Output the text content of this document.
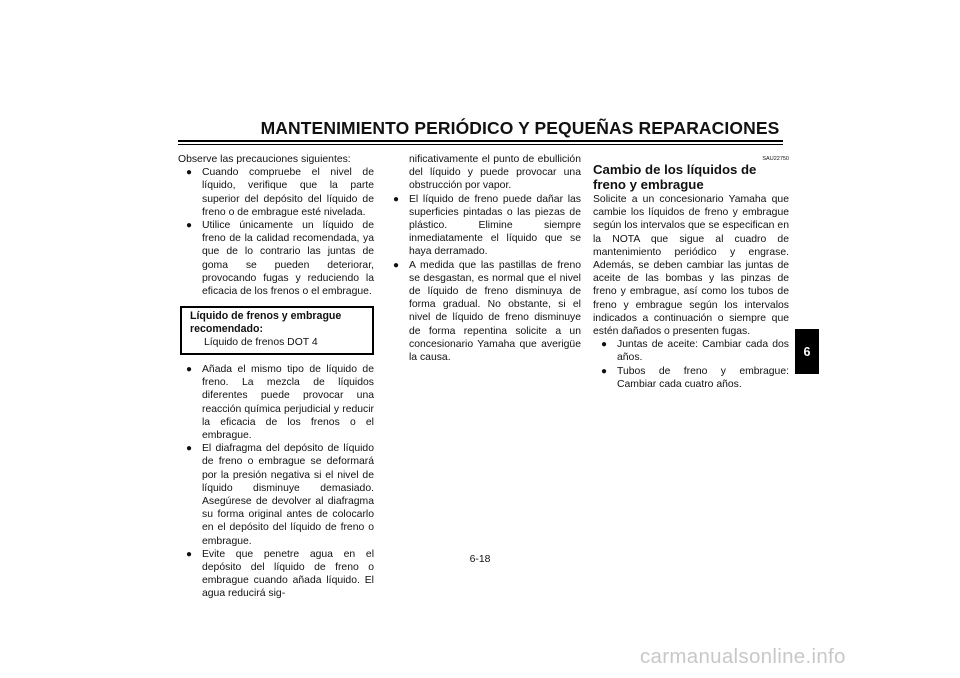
MANTENIMIENTO PERIÓDICO Y PEQUEÑAS REPARACIONES

Observe las precauciones siguientes:

● Cuando compruebe el nivel de líquido, verifique que la parte superior del depósito del líquido de freno o de embrague esté nivelada.

● Utilice únicamente un líquido de freno de la calidad recomendada, ya que de lo contrario las juntas de goma se pueden deteriorar, provocando fugas y reduciendo la eficacia de los frenos o el embrague.

Líquido de frenos y embrague recomendado:
Líquido de frenos DOT 4

● Añada el mismo tipo de líquido de freno. La mezcla de líquidos diferentes puede provocar una reacción química perjudicial y reducir la eficacia de los frenos o el embrague.

● El diafragma del depósito de líquido de freno o embrague se deformará por la presión negativa si el nivel de líquido disminuye demasiado. Asegúrese de devolver al diafragma su forma original antes de colocarlo en el depósito del líquido de freno o embrague.

● Evite que penetre agua en el depósito del líquido de freno o embrague cuando añada líquido. El agua reducirá sig-

nificativamente el punto de ebullición del líquido y puede provocar una obstrucción por vapor.

● El líquido de freno puede dañar las superficies pintadas o las piezas de plástico. Elimine siempre inmediatamente el líquido que se haya derramado.

● A medida que las pastillas de freno se desgastan, es normal que el nivel de líquido de freno disminuya de forma gradual. No obstante, si el nivel de líquido de freno disminuye de forma repentina solicite a un concesionario Yamaha que averigüe la causa.

SAU22750
Cambio de los líquidos de freno y embrague

Solicite a un concesionario Yamaha que cambie los líquidos de freno y embrague según los intervalos que se especifican en la NOTA que sigue al cuadro de mantenimiento periódico y engrase. Además, se deben cambiar las juntas de aceite de las bombas y las pinzas de freno y embrague, así como los tubos de freno y embrague según los intervalos indicados a continuación o siempre que estén dañados o presenten fugas.

● Juntas de aceite: Cambiar cada dos años.

● Tubos de freno y embrague: Cambiar cada cuatro años.

6
6-18
carmanualsonline.info
